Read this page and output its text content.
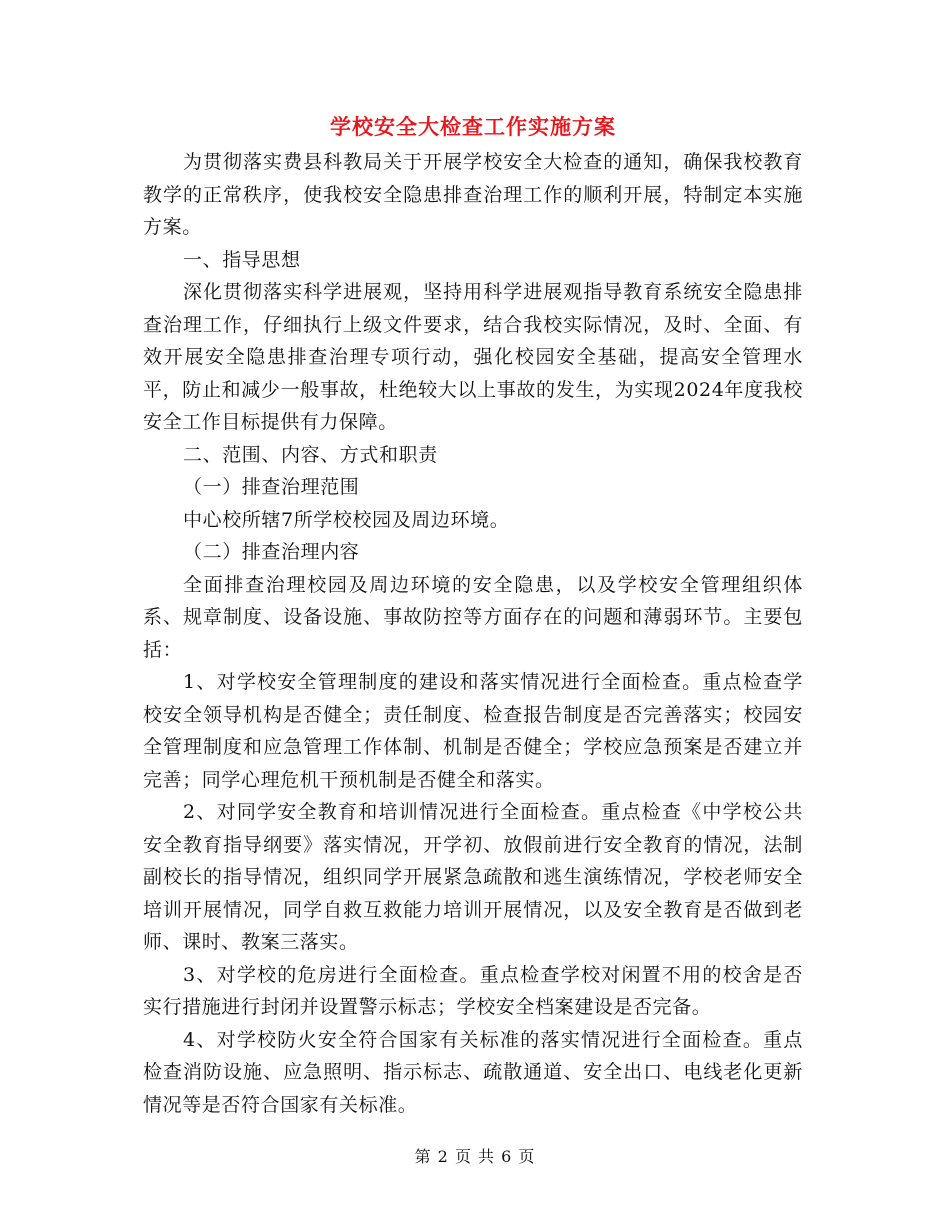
学校安全大检查工作实施方案

为贯彻落实费县科教局关于开展学校安全大检查的通知，确保我校教育教学的正常秩序，使我校安全隐患排查治理工作的顺利开展，特制定本实施方案。

一、指导思想

深化贯彻落实科学进展观，坚持用科学进展观指导教育系统安全隐患排查治理工作，仔细执行上级文件要求，结合我校实际情况，及时、全面、有效开展安全隐患排查治理专项行动，强化校园安全基础，提高安全管理水平，防止和减少一般事故，杜绝较大以上事故的发生，为实现2024年度我校安全工作目标提供有力保障。

二、范围、内容、方式和职责

（一）排查治理范围

中心校所辖7所学校校园及周边环境。

（二）排查治理内容

全面排查治理校园及周边环境的安全隐患，以及学校安全管理组织体系、规章制度、设备设施、事故防控等方面存在的问题和薄弱环节。主要包括：

1、对学校安全管理制度的建设和落实情况进行全面检查。重点检查学校安全领导机构是否健全；责任制度、检查报告制度是否完善落实；校园安全管理制度和应急管理工作体制、机制是否健全；学校应急预案是否建立并完善；同学心理危机干预机制是否健全和落实。

2、对同学安全教育和培训情况进行全面检查。重点检查《中学校公共安全教育指导纲要》落实情况，开学初、放假前进行安全教育的情况，法制副校长的指导情况，组织同学开展紧急疏散和逃生演练情况，学校老师安全培训开展情况，同学自救互救能力培训开展情况，以及安全教育是否做到老师、课时、教案三落实。

3、对学校的危房进行全面检查。重点检查学校对闲置不用的校舍是否实行措施进行封闭并设置警示标志；学校安全档案建设是否完备。

4、对学校防火安全符合国家有关标准的落实情况进行全面检查。重点检查消防设施、应急照明、指示标志、疏散通道、安全出口、电线老化更新情况等是否符合国家有关标准。

第 2 页 共 6 页
